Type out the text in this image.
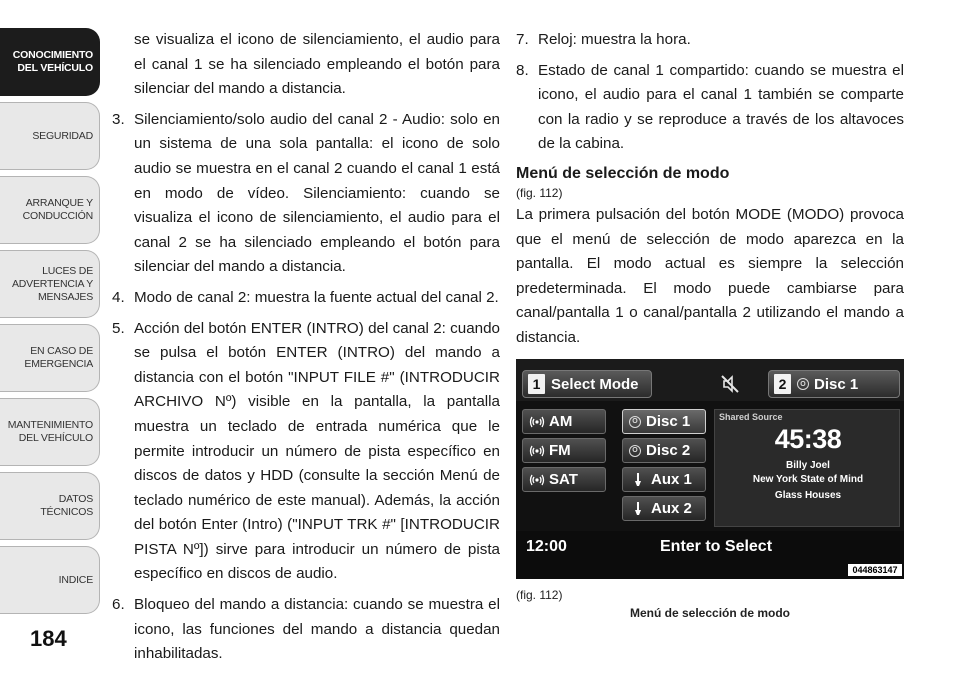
CONOCIMIENTO
DEL VEHÍCULO
SEGURIDAD
ARRANQUE Y
CONDUCCIÓN
LUCES DE
ADVERTENCIA Y
MENSAJES
EN CASO DE
EMERGENCIA
MANTENIMIENTO
DEL VEHÍCULO
DATOS
TÉCNICOS
INDICE
184

se visualiza el icono de silenciamiento, el audio para el canal 1 se ha silenciado empleando el botón para silenciar del mando a distancia.

3. Silenciamiento/solo audio del canal 2 - Audio: solo en un sistema de una sola pantalla: el icono de solo audio se muestra en el canal 2 cuando el canal 1 está en modo de vídeo. Silenciamiento: cuando se visualiza el icono de silenciamiento, el audio para el canal 2 se ha silenciado empleando el botón para silenciar del mando a distancia.
4. Modo de canal 2: muestra la fuente actual del canal 2.
5. Acción del botón ENTER (INTRO) del canal 2: cuando se pulsa el botón ENTER (INTRO) del mando a distancia con el botón "INPUT FILE #" (INTRODUCIR ARCHIVO Nº) visible en la pantalla, la pantalla muestra un teclado de entrada numérica que le permite introducir un número de pista específico en discos de datos y HDD (consulte la sección Menú de teclado numérico de este manual). Además, la acción del botón Enter (Intro) ("INPUT TRK #" [INTRODUCIR PISTA Nº]) sirve para introducir un número de pista específico en discos de audio.
6. Bloqueo del mando a distancia: cuando se muestra el icono, las funciones del mando a distancia quedan inhabilitadas.
7. Reloj: muestra la hora.
8. Estado de canal 1 compartido: cuando se muestra el icono, el audio para el canal 1 también se comparte con la radio y se reproduce a través de los altavoces de la cabina.
Menú de selección de modo
(fig. 112)

La primera pulsación del botón MODE (MODO) provoca que el menú de selección de modo aparezca en la pantalla. El modo actual es siempre la selección predeterminada. El modo puede cambiarse para canal/pantalla 1 o canal/pantalla 2 utilizando el mando a distancia.

1 Select Mode	2	O Disc 1
AM
FM
SAT
O Disc 1
O Disc 2
Aux 1
Aux 2
Shared Source
45:38
Billy Joel
New York State of Mind
Glass Houses
12:00	Enter to Select
044863147
(fig. 112)
Menú de selección de modo
